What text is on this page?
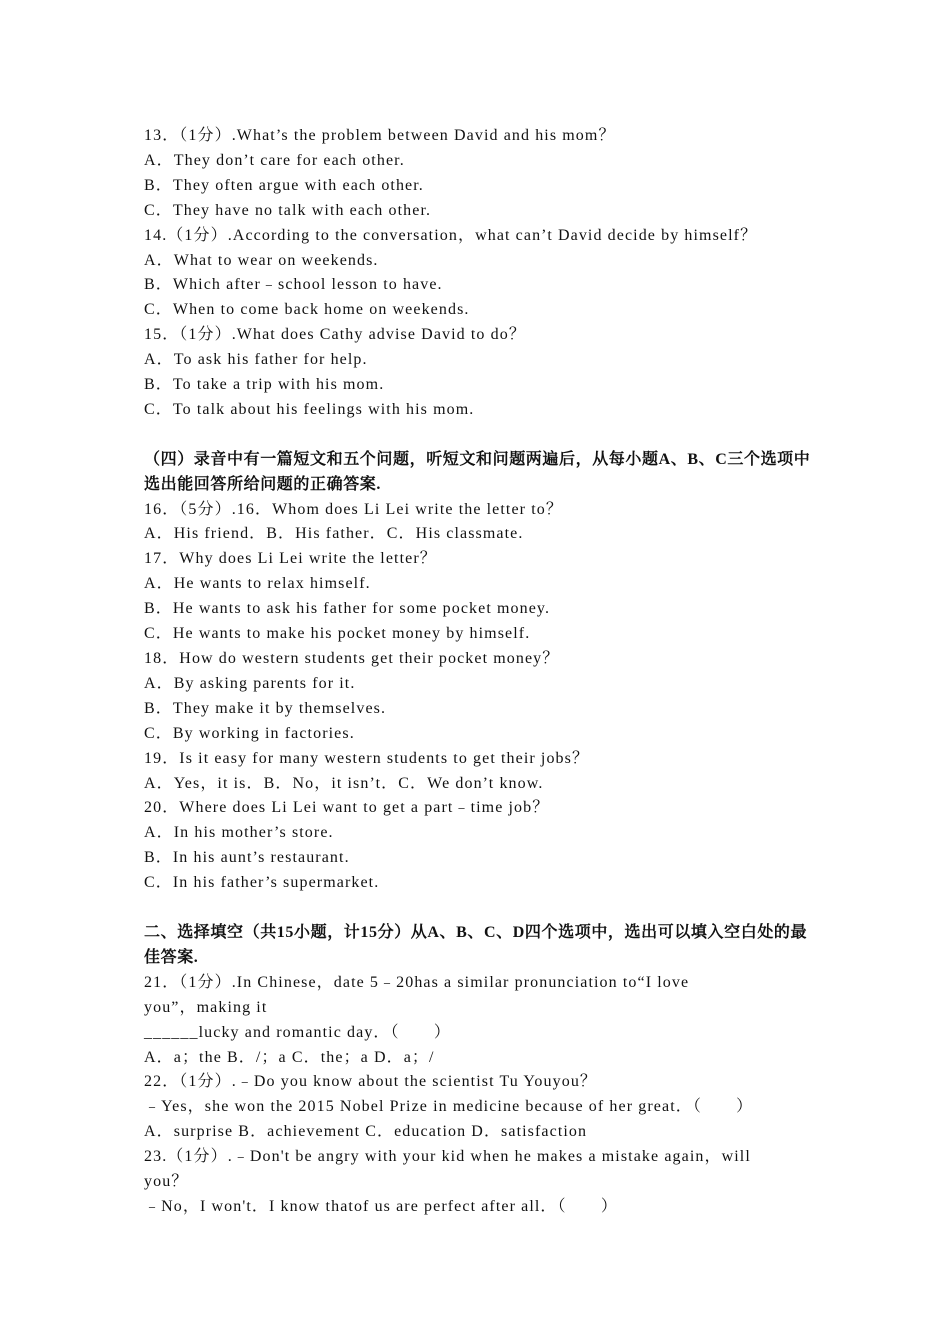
13．（1分）.What’s the problem between David and his mom？
A．They don’t care for each other.
B．They often argue with each other.
C．They have no talk with each other.
14.（1分）.According to the conversation，what can’t David decide by himself？
A．What to wear on weekends.
B．Which after﹣school lesson to have.
C．When to come back home on weekends.
15．（1分）.What does Cathy advise David to do？
A．To ask his father for help.
B．To take a trip with his mom.
C．To talk about his feelings with his mom.
（四）录音中有一篇短文和五个问题，听短文和问题两遍后，从每小题A、B、C三个选项中选出能回答所给问题的正确答案.
16．（5分）.16．Whom does Li Lei write the letter to？
A．His friend．B．His father．C．His classmate.
17．Why does Li Lei write the letter？
A．He wants to relax himself.
B．He wants to ask his father for some pocket money.
C．He wants to make his pocket money by himself.
18．How do western students get their pocket money？
A．By asking parents for it.
B．They make it by themselves.
C．By working in factories.
19．Is it easy for many western students to get their jobs？
A．Yes，it is．B．No，it isn’t．C．We don’t know.
20．Where does Li Lei want to get a part﹣time job？
A．In his mother’s store.
B．In his aunt’s restaurant.
C．In his father’s supermarket.
二、选择填空（共15小题，计15分）从A、B、C、D四个选项中，选出可以填入空白处的最佳答案.
21．（1分）.In Chinese，date 5﹣20has a similar pronunciation to“I love
you”，making it
______lucky and romantic day．（　　）
A．a；the B．/；a C．the；a D．a；/
22．（1分）.﹣Do you know about the scientist Tu Youyou？
﹣Yes，she won the 2015 Nobel Prize in medicine because of her great．（　　）
A．surprise B．achievement C．education D．satisfaction
23.（1分）.﹣Don't be angry with your kid when he makes a mistake again，will
you？
﹣No，I won't．I know thatof us are perfect after all．（　　）
